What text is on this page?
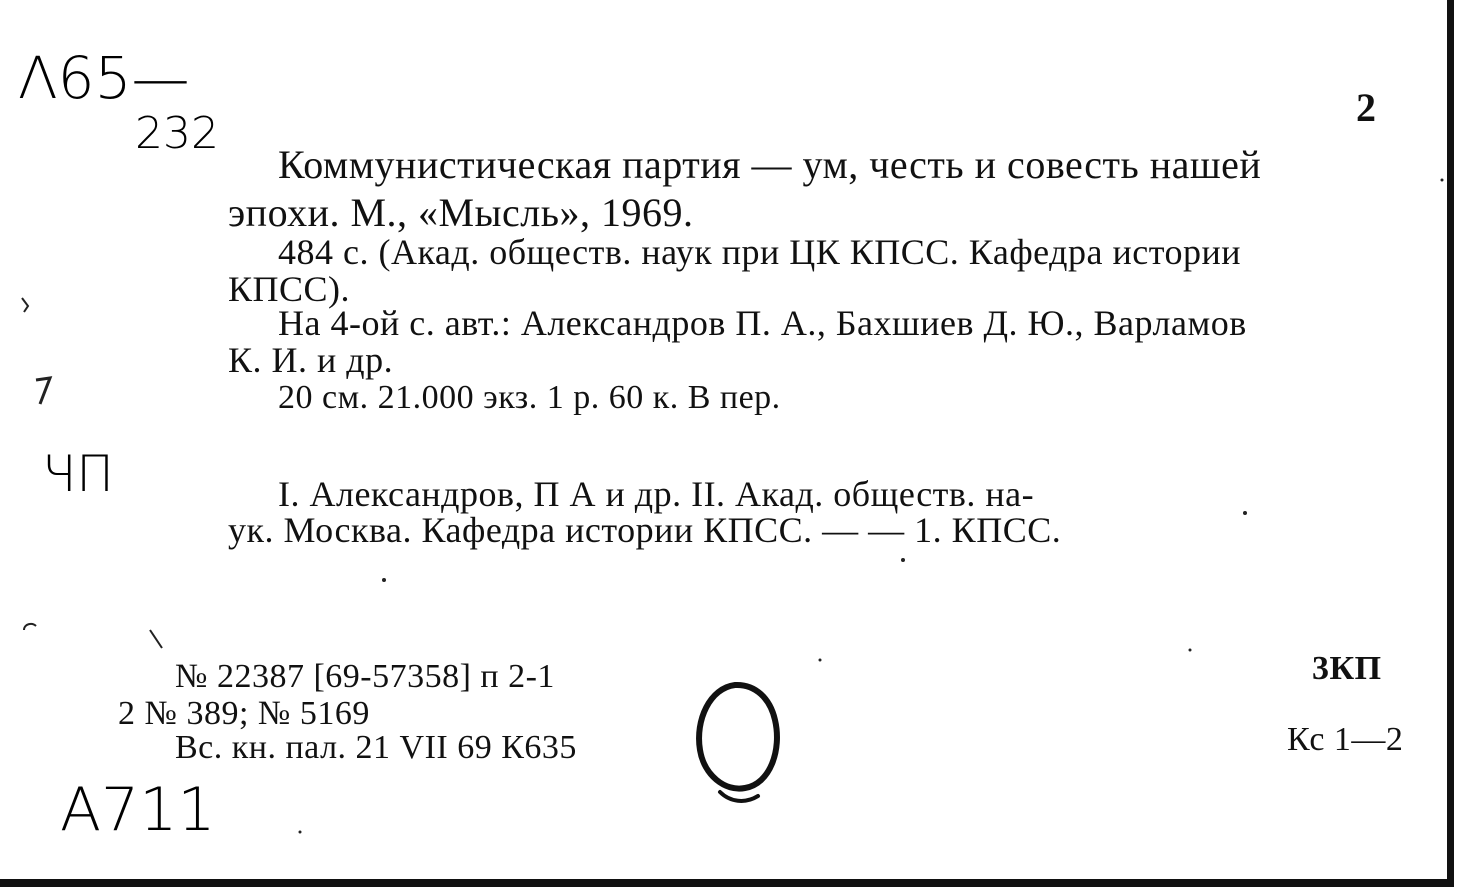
Λ65—
232
ЧП
А711
2
Коммунистическая партия — ум, честь и совесть нашей
эпохи. М., «Мысль», 1969.
484 с. (Акад. обществ. наук при ЦК КПСС. Кафедра истории
КПСС).
На 4-ой с. авт.: Александров П. А., Бахшиев Д. Ю., Варламов
К. И. и др.
20 см. 21.000 экз. 1 р. 60 к. В пер.
I. Александров, П А и др. II. Акад. обществ. на-
ук. Москва. Кафедра истории КПСС. — — 1. КПСС.
№ 22387 [69-57358] п 2-1
2 № 389; № 5169
Вс. кн. пал. 21 VII 69 К635
3КП
Кс 1—2
